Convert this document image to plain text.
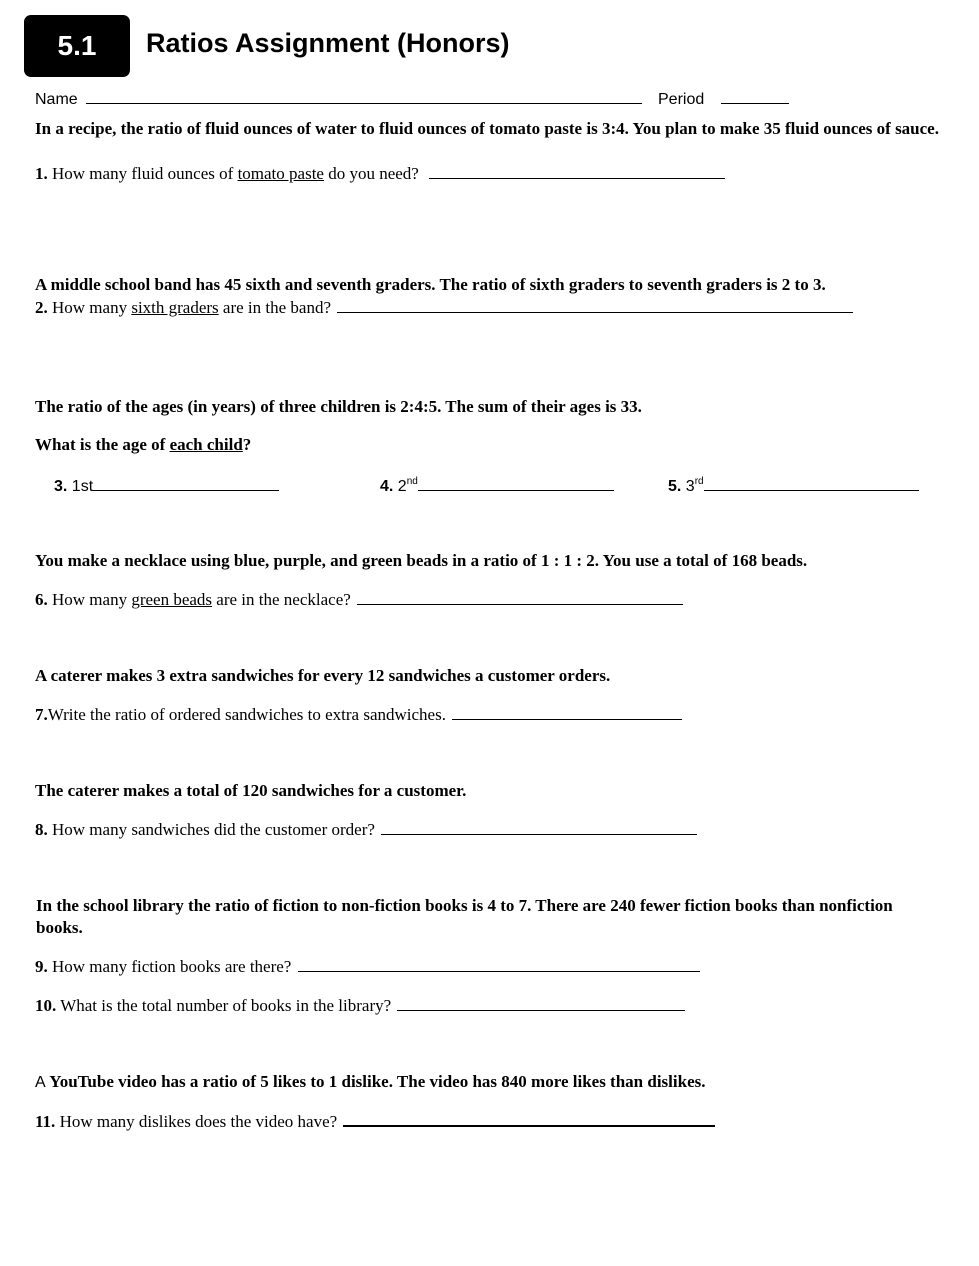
5.1 Ratios Assignment (Honors)
Name	Period
In a recipe, the ratio of fluid ounces of water to fluid ounces of tomato paste is 3:4. You plan to make 35 fluid ounces of sauce.
1. How many fluid ounces of tomato paste do you need?
A middle school band has 45 sixth and seventh graders. The ratio of sixth graders to seventh graders is 2 to 3.
2. How many sixth graders are in the band?
The ratio of the ages (in years) of three children is 2:4:5. The sum of their ages is 33.
What is the age of each child?
3. 1st	4. 2nd	5. 3rd
You make a necklace using blue, purple, and green beads in a ratio of 1 : 1 : 2. You use a total of 168 beads.
6. How many green beads are in the necklace?
A caterer makes 3 extra sandwiches for every 12 sandwiches a customer orders.
7.Write the ratio of ordered sandwiches to extra sandwiches.
The caterer makes a total of 120 sandwiches for a customer.
8. How many sandwiches did the customer order?
In the school library the ratio of fiction to non-fiction books is 4 to 7. There are 240 fewer fiction books than nonfiction books.
9. How many fiction books are there?
10. What is the total number of books in the library?
A YouTube video has a ratio of 5 likes to 1 dislike. The video has 840 more likes than dislikes.
11. How many dislikes does the video have?
